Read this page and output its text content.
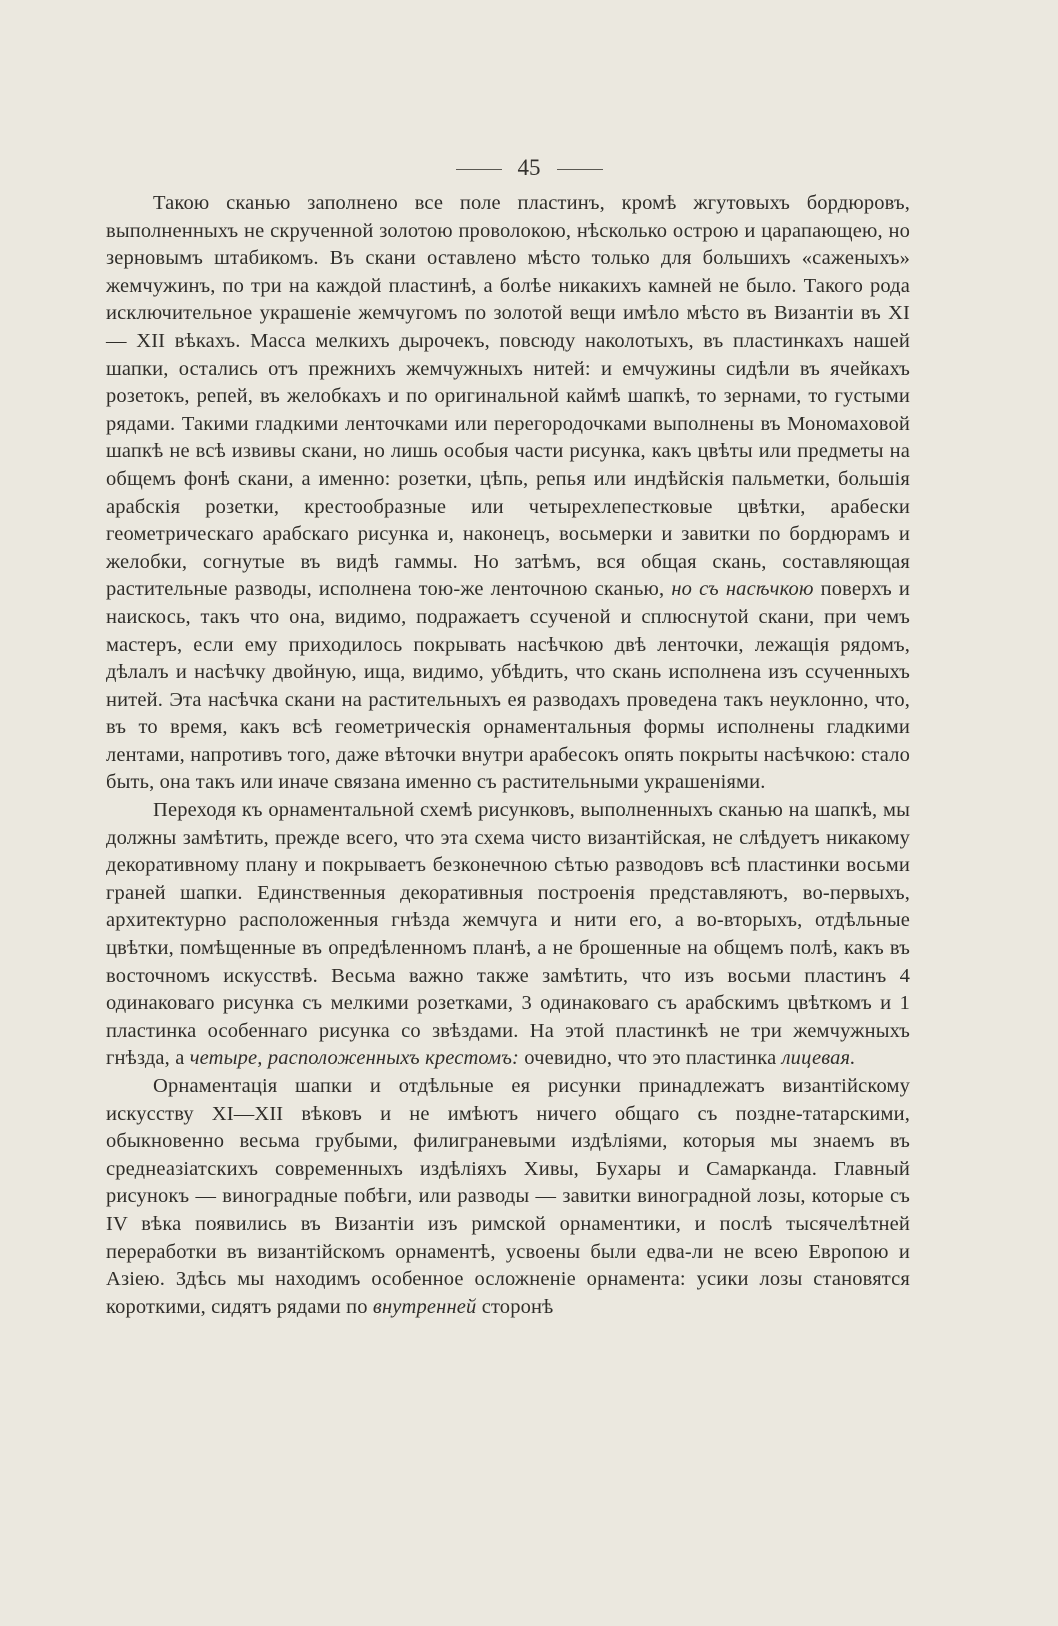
45

Такою сканью заполнено все поле пластинъ, кромѣ жгутовыхъ бордюровъ, выполненныхъ не скрученной золотою проволокою, нѣсколько острою и царапающею, но зерновымъ штабикомъ. Въ скани оставлено мѣсто только для большихъ «саженыхъ» жемчужинъ, по три на каждой пластинѣ, а болѣе никакихъ камней не было. Такого рода исключительное украшеніе жемчугомъ по золотой вещи имѣло мѣсто въ Византіи въ XI — XII вѣкахъ. Масса мелкихъ дырочекъ, повсюду наколотыхъ, въ пластинкахъ нашей шапки, остались отъ прежнихъ жемчужныхъ нитей: и емчужины сидѣли въ ячейкахъ розетокъ, репей, въ желобкахъ и по оригинальной каймѣ шапкѣ, то зернами, то густыми рядами. Такими гладкими ленточками или перегородочками выполнены въ Мономаховой шапкѣ не всѣ извивы скани, но лишь особыя части рисунка, какъ цвѣты или предметы на общемъ фонѣ скани, а именно: розетки, цѣпь, репья или индѣйскія пальметки, большія арабскія розетки, крестообразные или четырехлепестковые цвѣтки, арабески геометрическаго арабскаго рисунка и, наконецъ, восьмерки и завитки по бордюрамъ и желобки, согнутые въ видѣ гаммы. Но затѣмъ, вся общая скань, составляющая растительные разводы, исполнена тою-же ленточною сканью, но съ насѣчкою поверхъ и наискось, такъ что она, видимо, подражаетъ ссученой и сплюснутой скани, при чемъ мастеръ, если ему приходилось покрывать насѣчкою двѣ ленточки, лежащія рядомъ, дѣлалъ и насѣчку двойную, ища, видимо, убѣдить, что скань исполнена изъ ссученныхъ нитей. Эта насѣчка скани на растительныхъ ея разводахъ проведена такъ неуклонно, что, въ то время, какъ всѣ геометрическія орнаментальныя формы исполнены гладкими лентами, напротивъ того, даже вѣточки внутри арабесокъ опять покрыты насѣчкою: стало быть, она такъ или иначе связана именно съ растительными украшеніями.

Переходя къ орнаментальной схемѣ рисунковъ, выполненныхъ сканью на шапкѣ, мы должны замѣтить, прежде всего, что эта схема чисто византійская, не слѣдуетъ никакому декоративному плану и покрываетъ безконечною сѣтью разводовъ всѣ пластинки восьми граней шапки. Единственныя декоративныя построенія представляютъ, во-первыхъ, архитектурно расположенныя гнѣзда жемчуга и нити его, а во-вторыхъ, отдѣльные цвѣтки, помѣщенные въ опредѣленномъ планѣ, а не брошенные на общемъ полѣ, какъ въ восточномъ искусствѣ. Весьма важно также замѣтить, что изъ восьми пластинъ 4 одинаковаго рисунка съ мелкими розетками, 3 одинаковаго съ арабскимъ цвѣткомъ и 1 пластинка особеннаго рисунка со звѣздами. На этой пластинкѣ не три жемчужныхъ гнѣзда, а четыре, расположенныхъ крестомъ: очевидно, что это пластинка лицевая.

Орнаментація шапки и отдѣльные ея рисунки принадлежатъ византійскому искусству XI—XII вѣковъ и не имѣютъ ничего общаго съ поздне-татарскими, обыкновенно весьма грубыми, филиграневыми издѣліями, которыя мы знаемъ въ среднеазіатскихъ современныхъ издѣліяхъ Хивы, Бухары и Самарканда. Главный рисунокъ — виноградные побѣги, или разводы — завитки виноградной лозы, которые съ IV вѣка появились въ Византіи изъ римской орнаментики, и послѣ тысячелѣтней переработки въ византійскомъ орнаментѣ, усвоены были едва-ли не всею Европою и Азіею. Здѣсь мы находимъ особенное осложненіе орнамента: усики лозы становятся короткими, сидятъ рядами по внутренней сторонѣ
